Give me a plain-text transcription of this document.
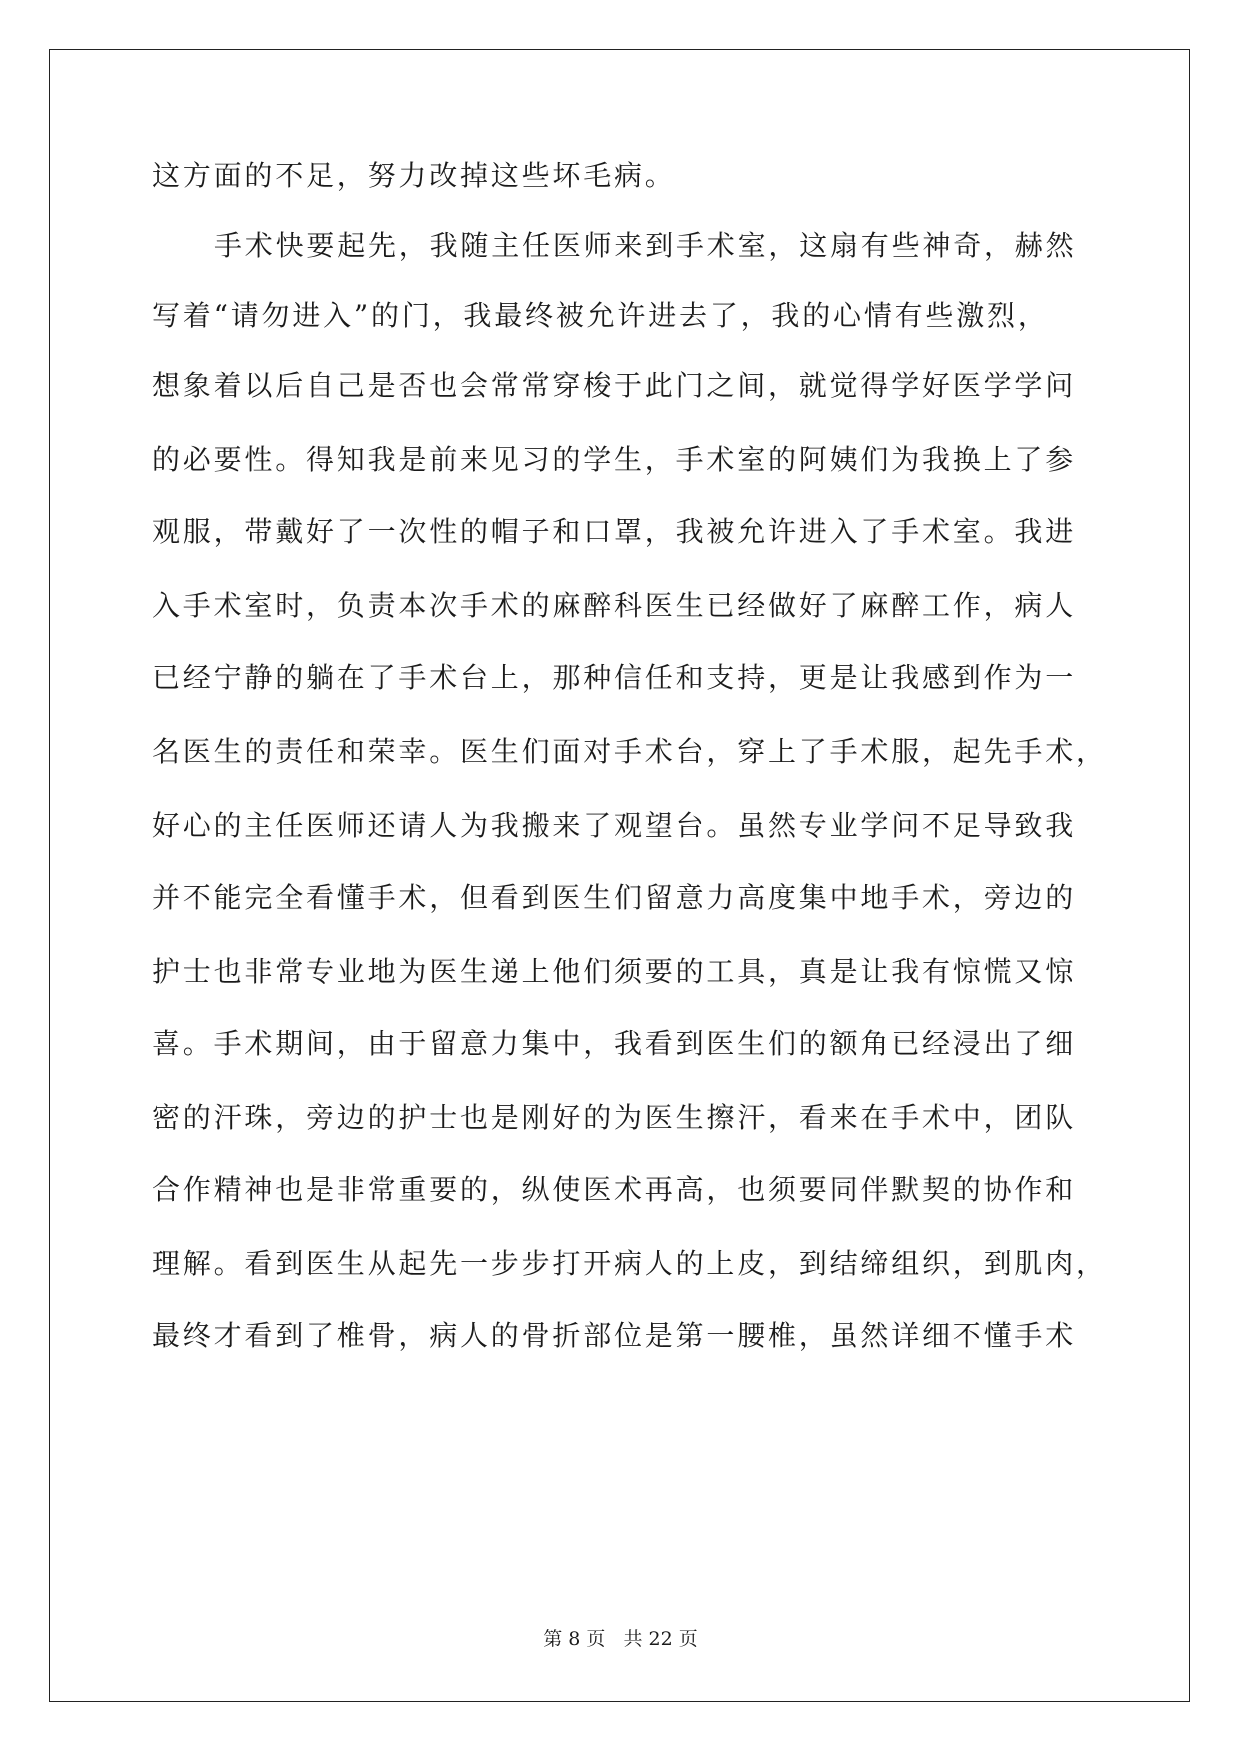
这方面的不足，努力改掉这些坏毛病。
手术快要起先，我随主任医师来到手术室，这扇有些神奇，赫然
写着“请勿进入”的门，我最终被允许进去了，我的心情有些激烈，
想象着以后自己是否也会常常穿梭于此门之间，就觉得学好医学学问
的必要性。得知我是前来见习的学生，手术室的阿姨们为我换上了参
观服，带戴好了一次性的帽子和口罩，我被允许进入了手术室。我进
入手术室时，负责本次手术的麻醉科医生已经做好了麻醉工作，病人
已经宁静的躺在了手术台上，那种信任和支持，更是让我感到作为一
名医生的责任和荣幸。医生们面对手术台，穿上了手术服，起先手术，
好心的主任医师还请人为我搬来了观望台。虽然专业学问不足导致我
并不能完全看懂手术，但看到医生们留意力高度集中地手术，旁边的
护士也非常专业地为医生递上他们须要的工具，真是让我有惊慌又惊
喜。手术期间，由于留意力集中，我看到医生们的额角已经浸出了细
密的汗珠，旁边的护士也是刚好的为医生擦汗，看来在手术中，团队
合作精神也是非常重要的，纵使医术再高，也须要同伴默契的协作和
理解。看到医生从起先一步步打开病人的上皮，到结缔组织，到肌肉，
最终才看到了椎骨，病人的骨折部位是第一腰椎，虽然详细不懂手术
第 8 页   共 22 页
